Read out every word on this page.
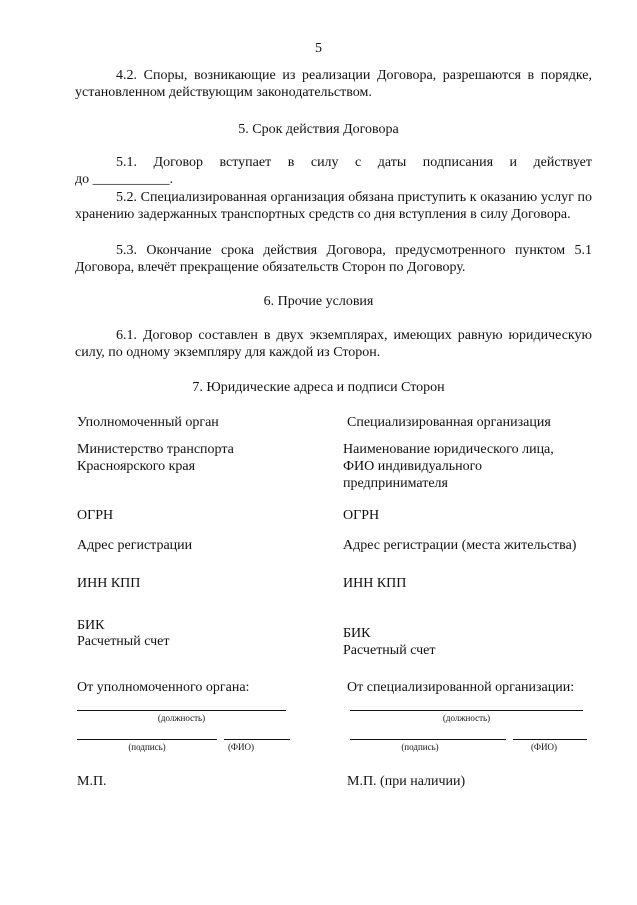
5

4.2. Споры, возникающие из реализации Договора, разрешаются в порядке, установленном действующим законодательством.

5. Срок действия Договора

5.1. Договор вступает в силу с даты подписания и действует

до ___________.

5.2. Специализированная организация обязана приступить к оказанию услуг по хранению задержанных транспортных средств со дня вступления в силу Договора.

5.3. Окончание срока действия Договора, предусмотренного пунктом 5.1 Договора, влечёт прекращение обязательств Сторон по Договору.

6. Прочие условия

6.1. Договор составлен в двух экземплярах, имеющих равную юридическую силу, по одному экземпляру для каждой из Сторон.

7. Юридические адреса и подписи Сторон

Уполномоченный орган

Министерство транспорта

Красноярского края

ОГРН

Адрес регистрации

ИНН КПП

БИК

Расчетный счет

От уполномоченного органа:

(должность)
(подпись)	(ФИО)

М.П.

Специализированная организация

Наименование юридического лица,

ФИО индивидуального

предпринимателя

ОГРН

Адрес регистрации (места жительства)

ИНН КПП

БИК

Расчетный счет

От специализированной организации:

(должность)
(подпись)	(ФИО)

М.П. (при наличии)
